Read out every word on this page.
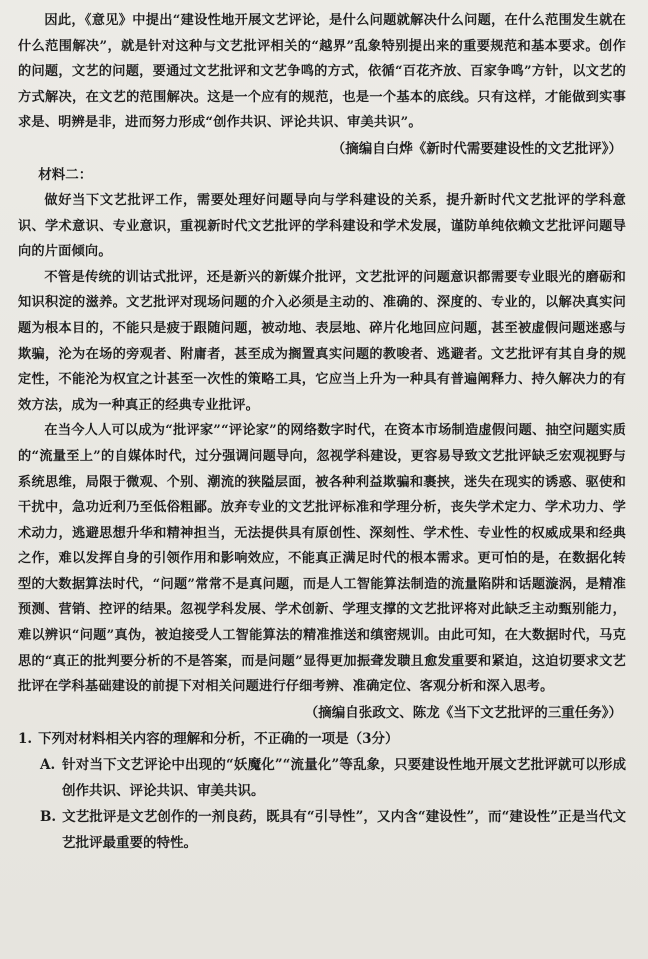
因此，《意见》中提出“建设性地开展文艺评论，是什么问题就解决什么问题，在什么范围发生就在什么范围解决”，就是针对这种与文艺批评相关的“越界”乱象特别提出来的重要规范和基本要求。创作的问题，文艺的问题，要通过文艺批评和文艺争鸣的方式，依循“百花齐放、百家争鸣”方针，以文艺的方式解决，在文艺的范围解决。这是一个应有的规范，也是一个基本的底线。只有这样，才能做到实事求是、明辨是非，进而努力形成“创作共识、评论共识、审美共识”。

（摘编自白烨《新时代需要建设性的文艺批评》）

材料二：

做好当下文艺批评工作，需要处理好问题导向与学科建设的关系，提升新时代文艺批评的学科意识、学术意识、专业意识，重视新时代文艺批评的学科建设和学术发展，谨防单纯依赖文艺批评问题导向的片面倾向。

不管是传统的训诂式批评，还是新兴的新媒介批评，文艺批评的问题意识都需要专业眼光的磨砺和知识积淀的滋养。文艺批评对现场问题的介入必须是主动的、准确的、深度的、专业的，以解决真实问题为根本目的，不能只是疲于跟随问题，被动地、表层地、碎片化地回应问题，甚至被虚假问题迷惑与欺骗，沦为在场的旁观者、附庸者，甚至成为搁置真实问题的教唆者、逃避者。文艺批评有其自身的规定性，不能沦为权宜之计甚至一次性的策略工具，它应当上升为一种具有普遍阐释力、持久解决力的有效方法，成为一种真正的经典专业批评。

在当今人人可以成为“批评家”“评论家”的网络数字时代，在资本市场制造虚假问题、抽空问题实质的“流量至上”的自媒体时代，过分强调问题导向，忽视学科建设，更容易导致文艺批评缺乏宏观视野与系统思维，局限于微观、个别、潮流的狭隘层面，被各种利益欺骗和裹挟，迷失在现实的诱惑、驱使和干扰中，急功近利乃至低俗粗鄙。放弃专业的文艺批评标准和学理分析，丧失学术定力、学术功力、学术动力，逃避思想升华和精神担当，无法提供具有原创性、深刻性、学术性、专业性的权威成果和经典之作，难以发挥自身的引领作用和影响效应，不能真正满足时代的根本需求。更可怕的是，在数据化转型的大数据算法时代，“问题”常常不是真问题，而是人工智能算法制造的流量陷阱和话题漩涡，是精准预测、营销、控评的结果。忽视学科发展、学术创新、学理支撑的文艺批评将对此缺乏主动甄别能力，难以辨识“问题”真伪，被迫接受人工智能算法的精准推送和缜密规训。由此可知，在大数据时代，马克思的“真正的批判要分析的不是答案，而是问题”显得更加振聋发聩且愈发重要和紧迫，这迫切要求文艺批评在学科基础建设的前提下对相关问题进行仔细考辨、准确定位、客观分析和深入思考。

（摘编自张政文、陈龙《当下文艺批评的三重任务》）

1. 下列对材料相关内容的理解和分析，不正确的一项是（3分）

A. 针对当下文艺评论中出现的“妖魔化”“流量化”等乱象，只要建设性地开展文艺批评就可以形成创作共识、评论共识、审美共识。

B. 文艺批评是文艺创作的一剂良药，既具有“引导性”，又内含“建设性”，而“建设性”正是当代文艺批评最重要的特性。
